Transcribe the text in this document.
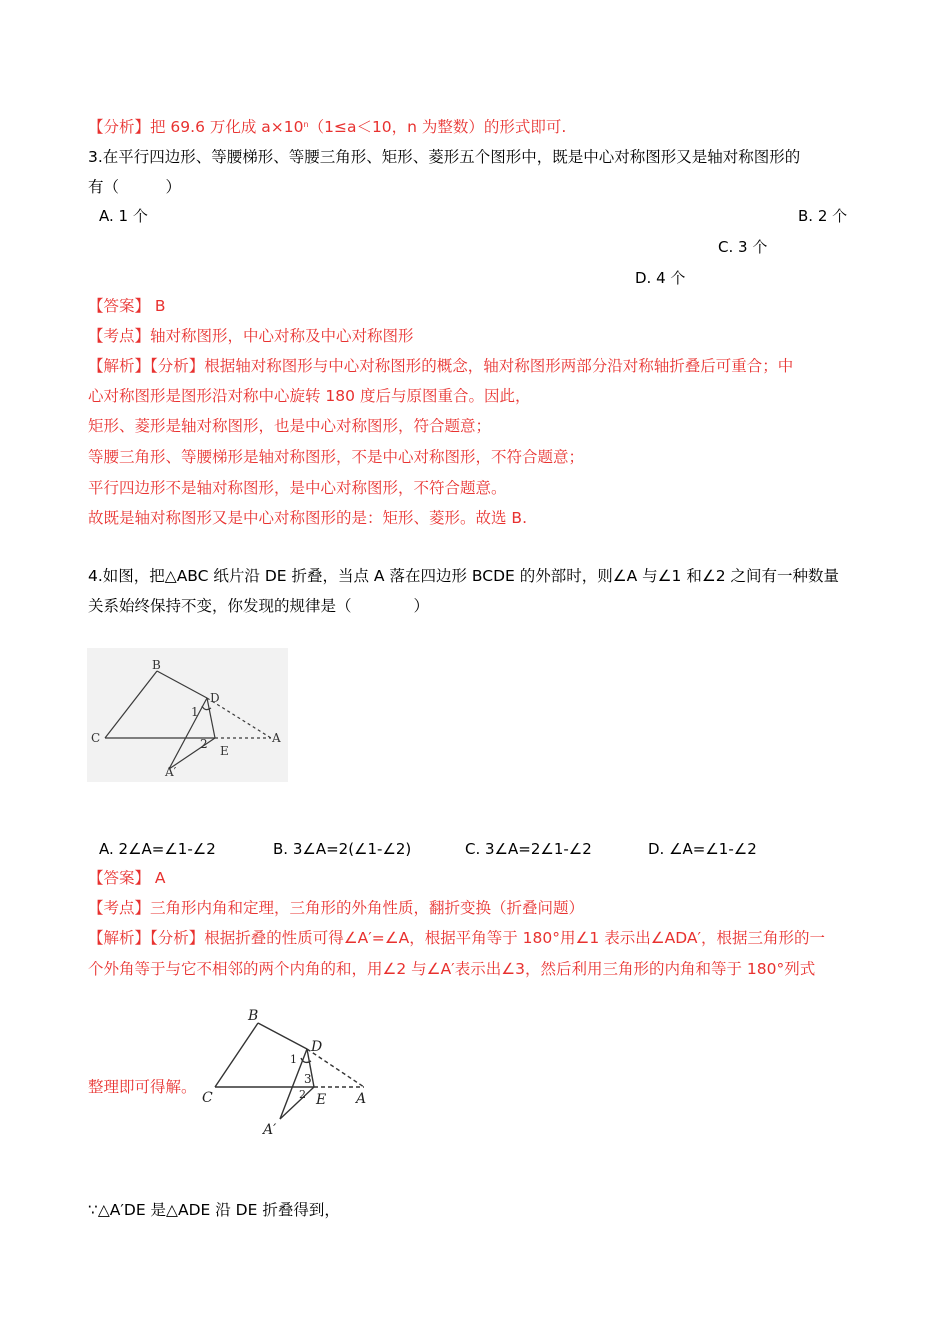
【分析】把 69.6 万化成 $a\times 10^n(1\le a<10$，n 为整数）的形式即可.
3.在平行四边形、等腰梯形、等腰三角形、矩形、菱形五个图形中，既是中心对称图形又是轴对称图形的
有（　　　）
A. 1 个	B. 2 个
C. 3 个
D. 4 个
【答案】 B
【考点】轴对称图形，中心对称及中心对称图形
【解析】【分析】根据轴对称图形与中心对称图形的概念，轴对称图形两部分沿对称轴折叠后可重合；中
心对称图形是图形沿对称中心旋转 180 度后与原图重合。因此，
矩形、菱形是轴对称图形，也是中心对称图形，符合题意；
等腰三角形、等腰梯形是轴对称图形，不是中心对称图形，不符合题意；
平行四边形不是轴对称图形，是中心对称图形，不符合题意。
故既是轴对称图形又是中心对称图形的是：矩形、菱形。故选 B.
4.如图，把△ABC 纸片沿 DE 折叠，当点 A 落在四边形 BCDE 的外部时，则∠A 与∠1 和∠2 之间有一种数量
关系始终保持不变，你发现的规律是（　　　　）
B
C
D
A
E
A′
1
2
A. 2∠A=∠1-∠2	B. 3∠A=2(∠1-∠2)	C. 3∠A=2∠1-∠2	D. ∠A=∠1-∠2
【答案】 A
【考点】三角形内角和定理，三角形的外角性质，翻折变换（折叠问题）
【解析】【分析】根据折叠的性质可得∠A′=∠A，根据平角等于 180°用∠1 表示出∠ADA′，根据三角形的一
个外角等于与它不相邻的两个内角的和，用∠2 与∠A′表示出∠3，然后利用三角形的内角和等于 180°列式
B
C
D
A
E
A′
1
2
3
整理即可得解。
∵△A′DE 是△ADE 沿 DE 折叠得到，
